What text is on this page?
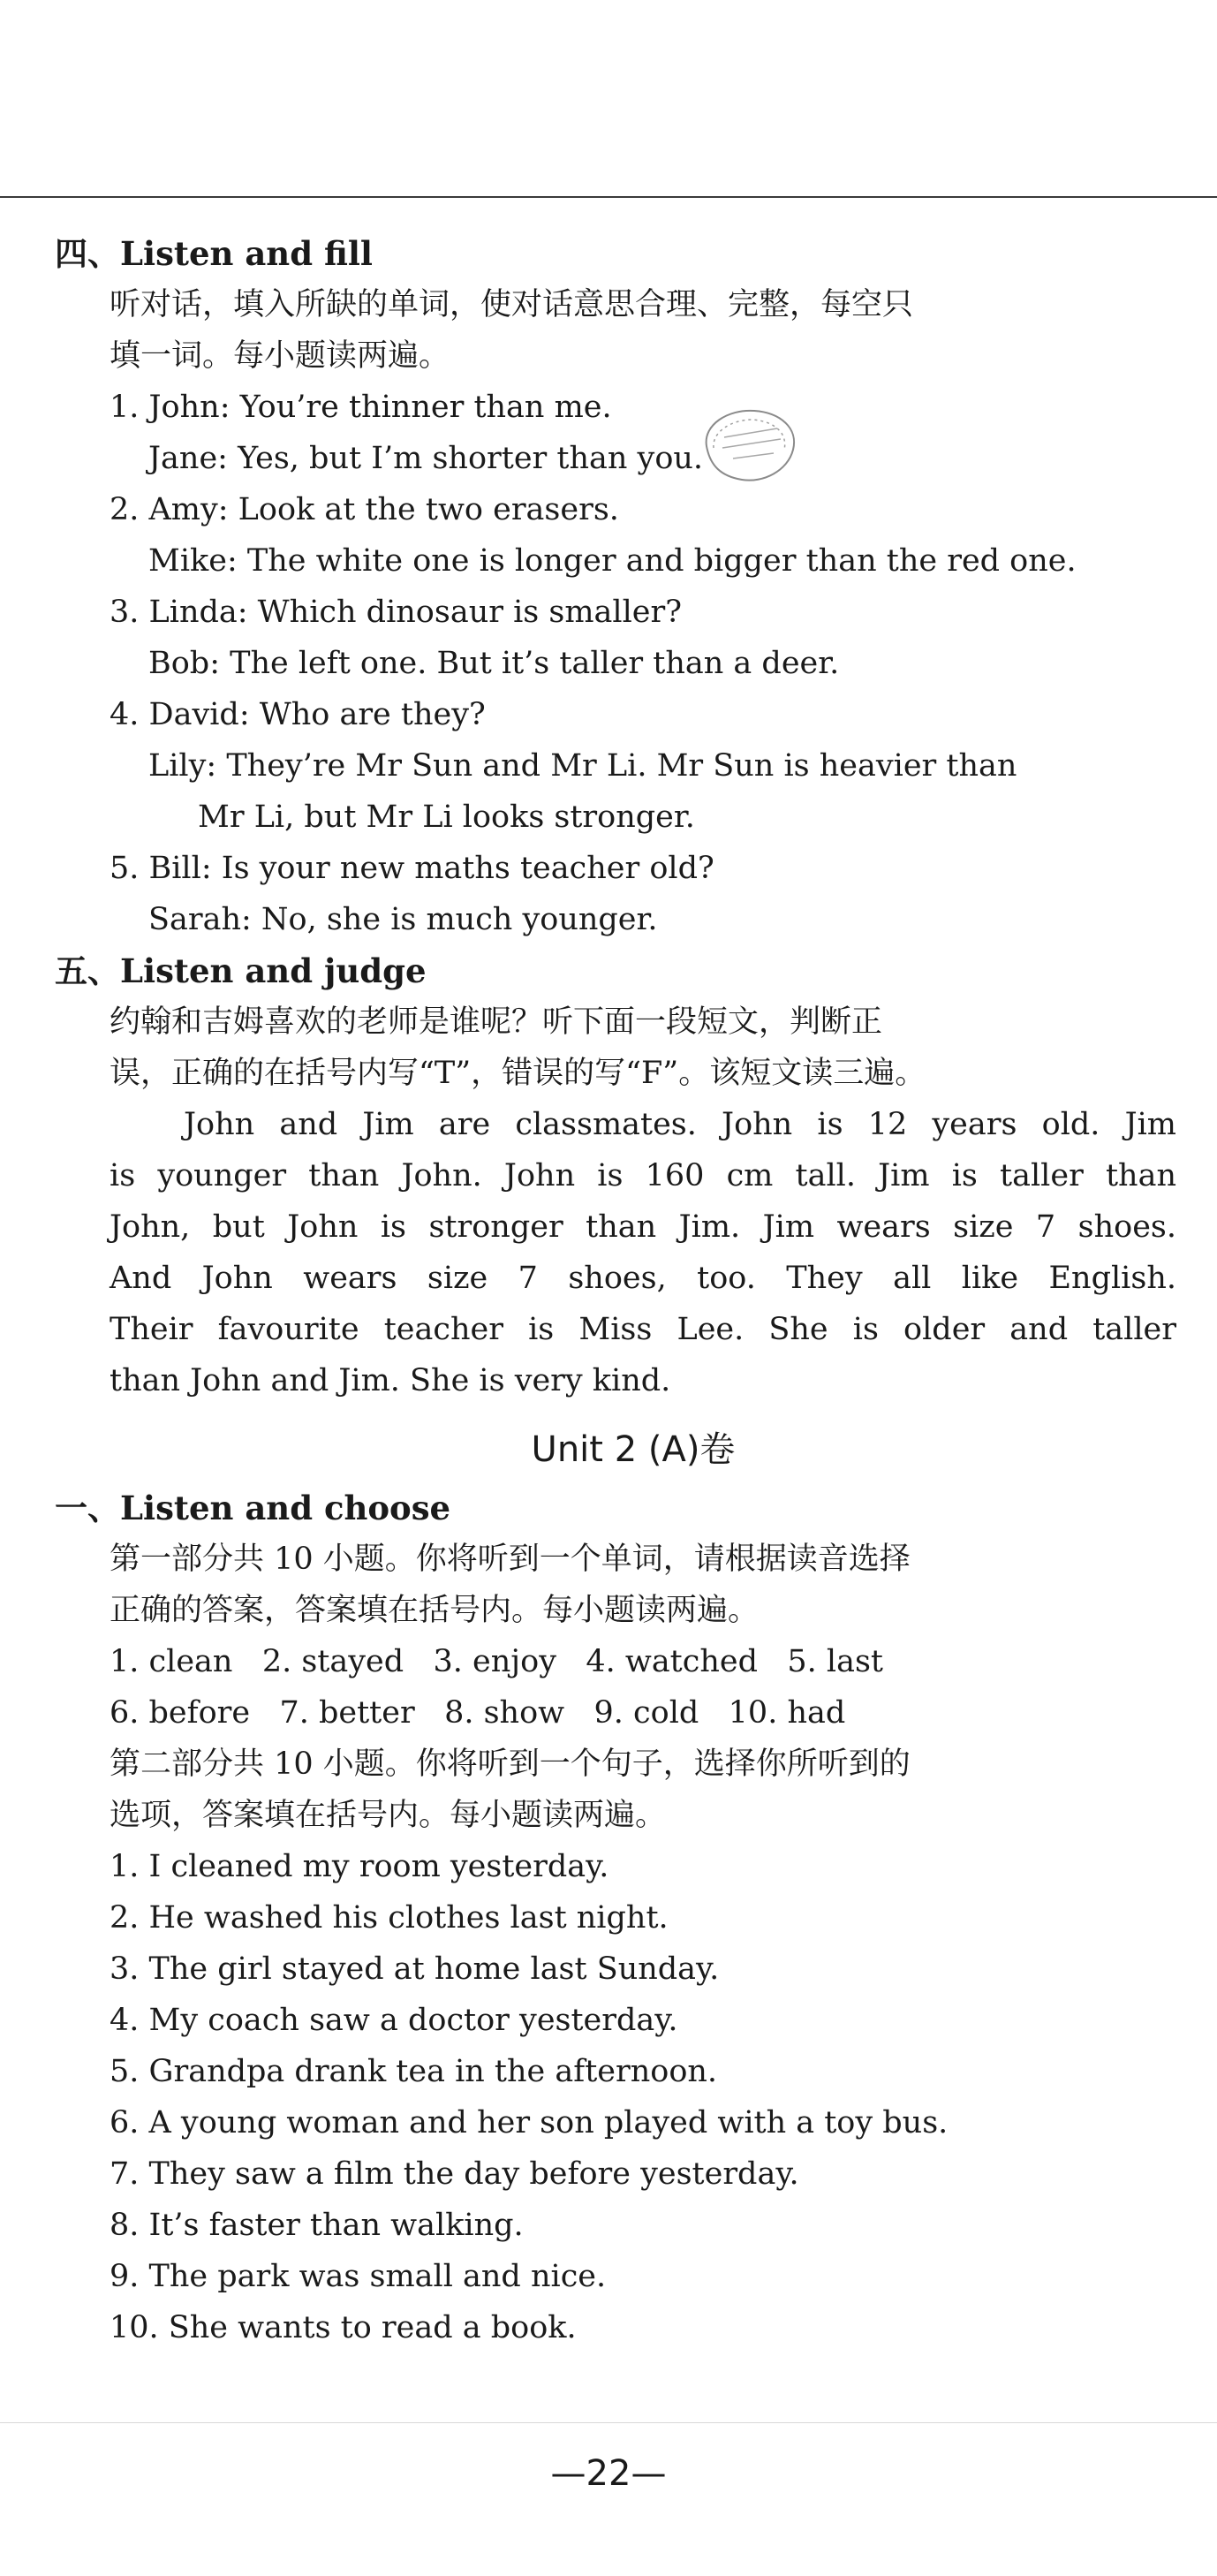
四、Listen and fill
听对话，填入所缺的单词，使对话意思合理、完整，每空只
填一词。每小题读两遍。
1. John: You’re thinner than me.
Jane: Yes, but I’m shorter than you.
2. Amy: Look at the two erasers.
Mike: The white one is longer and bigger than the red one.
3. Linda: Which dinosaur is smaller?
Bob: The left one. But it’s taller than a deer.
4. David: Who are they?
Lily: They’re Mr Sun and Mr Li. Mr Sun is heavier than
Mr Li, but Mr Li looks stronger.
5. Bill: Is your new maths teacher old?
Sarah: No, she is much younger.
五、Listen and judge
约翰和吉姆喜欢的老师是谁呢？听下面一段短文，判断正
误，正确的在括号内写“T”，错误的写“F”。该短文读三遍。
John and Jim are classmates. John is 12 years old. Jim
is younger than John. John is 160 cm tall. Jim is taller than
John, but John is stronger than Jim. Jim wears size 7 shoes.
And John wears size 7 shoes, too. They all like English.
Their favourite teacher is Miss Lee. She is older and taller
than John and Jim. She is very kind.
Unit 2 (A)卷
一、Listen and choose
第一部分共 10 小题。你将听到一个单词，请根据读音选择
正确的答案，答案填在括号内。每小题读两遍。
1. clean   2. stayed   3. enjoy   4. watched   5. last
6. before   7. better   8. show   9. cold   10. had
第二部分共 10 小题。你将听到一个句子，选择你所听到的
选项，答案填在括号内。每小题读两遍。
1. I cleaned my room yesterday.
2. He washed his clothes last night.
3. The girl stayed at home last Sunday.
4. My coach saw a doctor yesterday.
5. Grandpa drank tea in the afternoon.
6. A young woman and her son played with a toy bus.
7. They saw a film the day before yesterday.
8. It’s faster than walking.
9. The park was small and nice.
10. She wants to read a book.
—22—
